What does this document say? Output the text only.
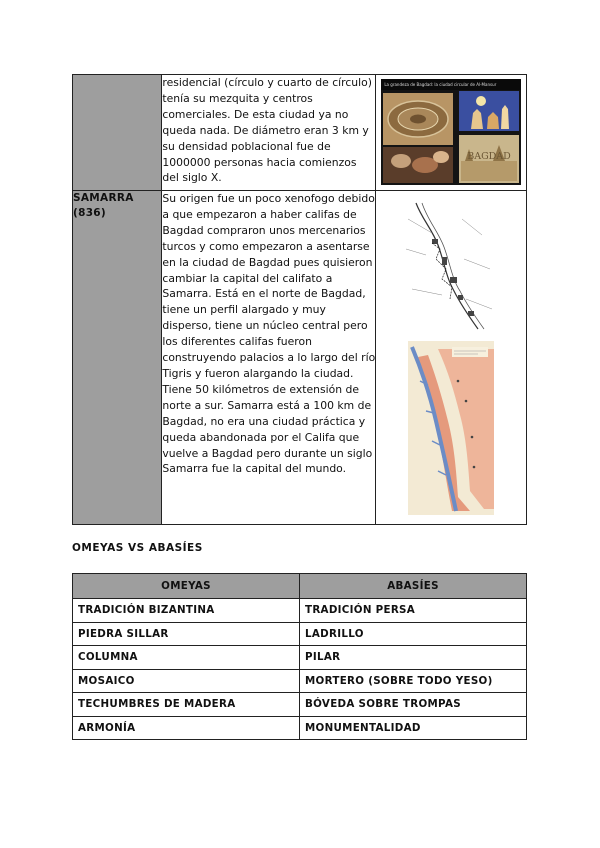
	residencial (círculo y cuarto de círculo) tenía su mezquita y centros comerciales. De esta ciudad ya no queda nada. De diámetro eran 3 km y su densidad poblacional fue de 1000000 personas hacia comienzos del siglo X.	BAGDAD
La grandeza de Bagdad: la ciudad circular de Al-Mansur

SAMARRA (836)	Su origen fue un poco xenofogo debido a que empezaron a haber califas de Bagdad compraron unos mercenarios turcos y como empezaron a asentarse en la ciudad de Bagdad pues quisieron cambiar la capital del califato a Samarra. Está en el norte de Bagdad, tiene un perfil alargado y muy disperso, tiene un núcleo central pero los diferentes califas fueron construyendo palacios a lo largo del río Tigris y fueron alargando la ciudad. Tiene 50 kilómetros de extensión de norte a sur. Samarra está a 100 km de Bagdad, no era una ciudad práctica y queda abandonada por el Califa que vuelve a Bagdad pero durante un siglo Samarra fue la capital del mundo.	
OMEYAS VS ABASÍES
OMEYAS	ABASÍES
TRADICIÓN BIZANTINA	TRADICIÓN PERSA
PIEDRA SILLAR	LADRILLO
COLUMNA	PILAR
MOSAICO	MORTERO (SOBRE TODO YESO)
TECHUMBRES DE MADERA	BÓVEDA SOBRE TROMPAS
ARMONÍA	MONUMENTALIDAD
